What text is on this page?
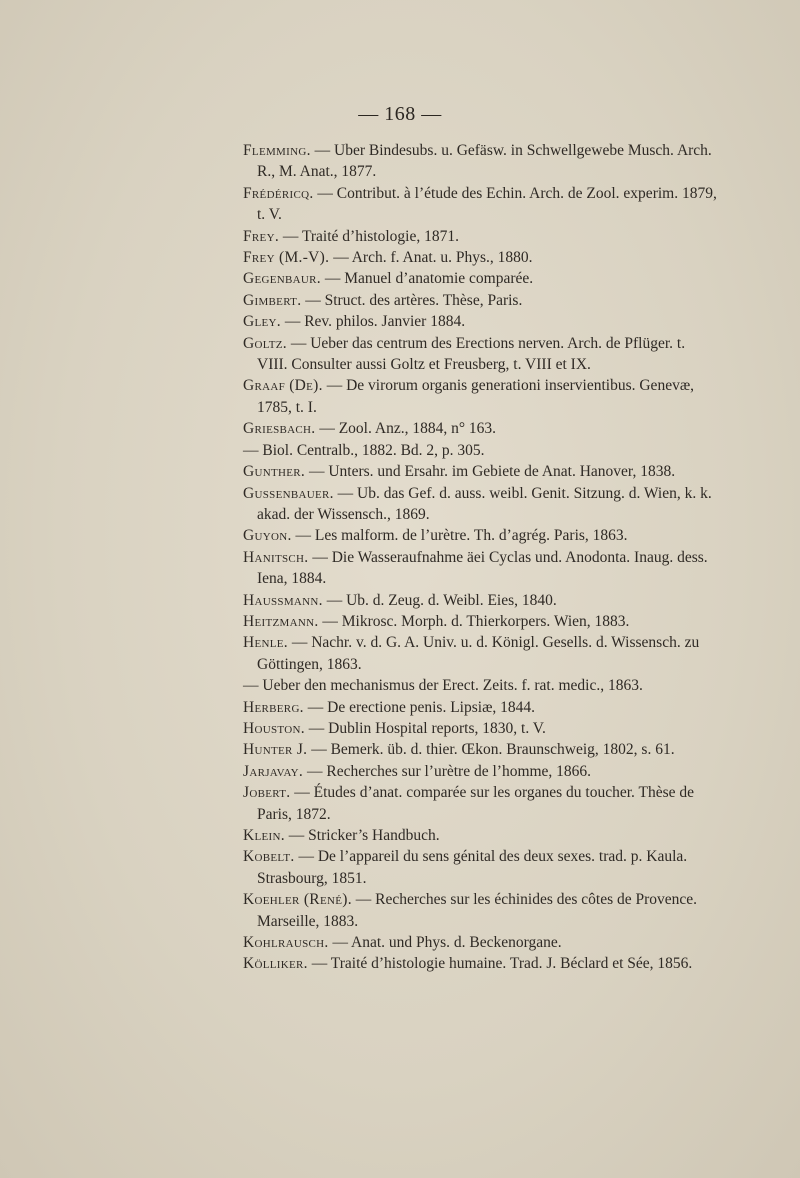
— 168 —

Flemming. — Uber Bindesubs. u. Gefäsw. in Schwellgewebe Musch. Arch. R., M. Anat., 1877.

Frédéricq. — Contribut. à l’étude des Echin. Arch. de Zool. experim. 1879, t. V.

Frey. — Traité d’histologie, 1871.

Frey (M.-V). — Arch. f. Anat. u. Phys., 1880.

Gegenbaur. — Manuel d’anatomie comparée.

Gimbert. — Struct. des artères. Thèse, Paris.

Gley. — Rev. philos. Janvier 1884.

Goltz. — Ueber das centrum des Erections nerven. Arch. de Pflüger. t. VIII. Consulter aussi Goltz et Freusberg, t. VIII et IX.

Graaf (De). — De virorum organis generationi inservientibus. Genevæ, 1785, t. I.

Griesbach. — Zool. Anz., 1884, n° 163.

— Biol. Centralb., 1882. Bd. 2, p. 305.

Gunther. — Unters. und Ersahr. im Gebiete de Anat. Hanover, 1838.

Gussenbauer. — Ub. das Gef. d. auss. weibl. Genit. Sitzung. d. Wien, k. k. akad. der Wissensch., 1869.

Guyon. — Les malform. de l’urètre. Th. d’agrég. Paris, 1863.

Hanitsch. — Die Wasseraufnahme äei Cyclas und. Anodonta. Inaug. dess. Iena, 1884.

Haussmann. — Ub. d. Zeug. d. Weibl. Eies, 1840.

Heitzmann. — Mikrosc. Morph. d. Thierkorpers. Wien, 1883.

Henle. — Nachr. v. d. G. A. Univ. u. d. Königl. Gesells. d. Wissensch. zu Göttingen, 1863.

— Ueber den mechanismus der Erect. Zeits. f. rat. medic., 1863.

Herberg. — De erectione penis. Lipsiæ, 1844.

Houston. — Dublin Hospital reports, 1830, t. V.

Hunter J. — Bemerk. üb. d. thier. Œkon. Braunschweig, 1802, s. 61.

Jarjavay. — Recherches sur l’urètre de l’homme, 1866.

Jobert. — Études d’anat. comparée sur les organes du toucher. Thèse de Paris, 1872.

Klein. — Stricker’s Handbuch.

Kobelt. — De l’appareil du sens génital des deux sexes. trad. p. Kaula. Strasbourg, 1851.

Koehler (René). — Recherches sur les échinides des côtes de Provence. Marseille, 1883.

Kohlrausch. — Anat. und Phys. d. Beckenorgane.

Kölliker. — Traité d’histologie humaine. Trad. J. Béclard et Sée, 1856.
